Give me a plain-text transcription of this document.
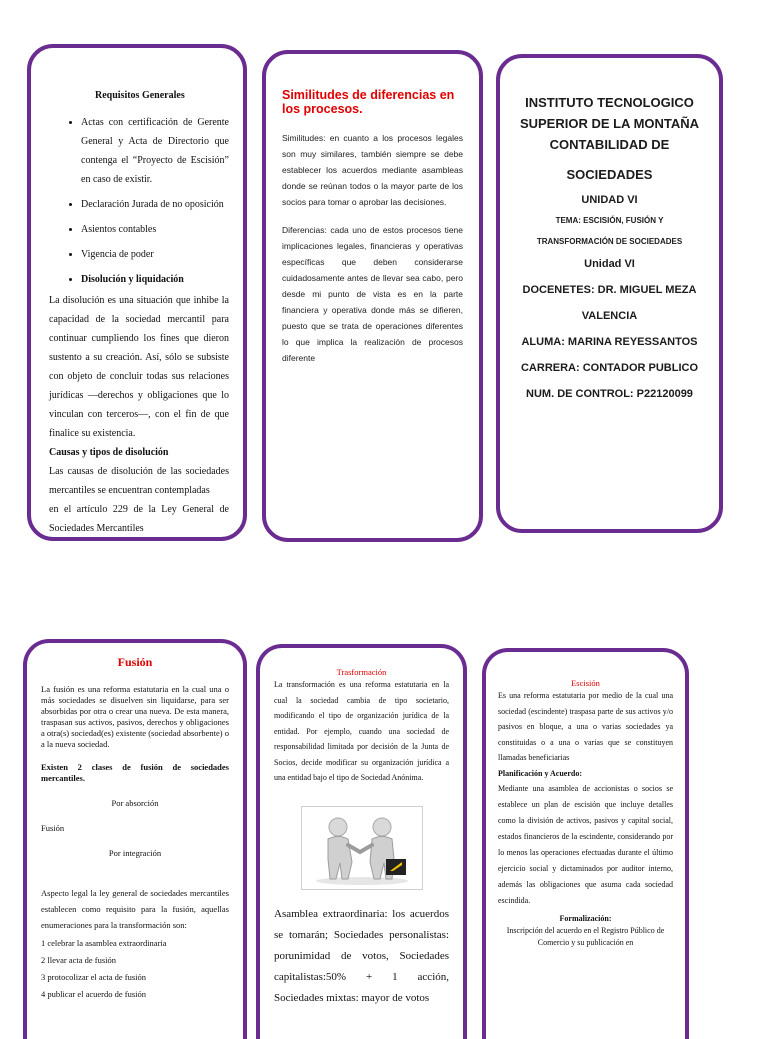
Requisitos Generales

• Actas con certificación de Gerente General y Acta de Directorio que contenga el “Proyecto de Escisión” en caso de existir.
• Declaración Jurada de no oposición
• Asientos contables
• Vigencia de poder
• Disolución y liquidación

La disolución es una situación que inhibe la capacidad de la sociedad mercantil para continuar cumpliendo los fines que dieron sustento a su creación. Así, sólo se subsiste con objeto de concluir todas sus relaciones jurídicas —derechos y obligaciones que lo vinculan con terceros—, con el fin de que finalice su existencia.

Causas y tipos de disolución

Las causas de disolución de las sociedades mercantiles se encuentran contempladas

en el artículo 229 de la Ley General de Sociedades Mercantiles

Similitudes de diferencias en los procesos.

Similitudes: en cuanto a los procesos legales son muy similares, también siempre se debe establecer los acuerdos mediante asambleas donde se reúnan todos o la mayor parte de los socios para tomar o aprobar las decisiones.

Diferencias: cada uno de estos procesos tiene implicaciones legales, financieras y operativas específicas que deben considerarse cuidadosamente antes de llevar sea cabo, pero desde mi punto de vista es en la parte financiera y operativa donde más se difieren, puesto que se trata de operaciones diferentes lo que implica la realización de procesos diferente

INSTITUTO TECNOLOGICO SUPERIOR DE LA MONTAÑA CONTABILIDAD DE

SOCIEDADES

UNIDAD VI

TEMA: ESCISIÓN, FUSIÓN Y

TRANSFORMACIÓN DE SOCIEDADES

Unidad VI

DOCENETES: DR. MIGUEL MEZA

VALENCIA

ALUMA: MARINA REYESSANTOS

CARRERA: CONTADOR PUBLICO

NUM. DE CONTROL: P22120099

Fusión

La fusión es una reforma estatutaria en la cual una o más sociedades se disuelven sin liquidarse, para ser absorbidas por otra o crear una nueva. De esta manera, traspasan sus activos, pasivos, derechos y obligaciones a otra(s) sociedad(es) existente (sociedad absorbente) o a la nueva sociedad.

Existen 2 clases de fusión de sociedades mercantiles.

Por absorción

Fusión

Por integración

Aspecto legal la ley general de sociedades mercantiles establecen como requisito para la fusión, aquellas enumeraciones para la transformación son:

1 celebrar la asamblea extraordinaria

2 llevar acta de fusión

3 protocolizar el acta de fusión

4 publicar el acuerdo de fusión

Trasformación

La transformación es una reforma estatutaria en la cual la sociedad cambia de tipo societario, modificando el tipo de organización jurídica de la entidad. Por ejemplo, cuando una sociedad de responsabilidad limitada por decisión de la Junta de Socios, decide modificar su organización jurídica a una entidad bajo el tipo de Sociedad Anónima.

Asamblea extraordinaria: los acuerdos se tomarán; Sociedades personalistas: porunimidad de votos, Sociedades capitalistas:50% + 1 acción, Sociedades mixtas: mayor de votos

Escisión

Es una reforma estatutaria por medio de la cual una sociedad (escindente) traspasa parte de sus activos y/o pasivos en bloque, a una o varias sociedades ya constituidas o a una o varias que se constituyen llamadas beneficiarias

Planificación y Acuerdo:

Mediante una asamblea de accionistas o socios se establece un plan de escisión que incluye detalles como la división de activos, pasivos y capital social, estados financieros de la escindente, considerando por lo menos las operaciones efectuadas durante el último ejercicio social y dictaminados por auditor interno, además las obligaciones que asuma cada sociedad escindida.

Formalización:

Inscripción del acuerdo en el Registro Público de Comercio y su publicación en
